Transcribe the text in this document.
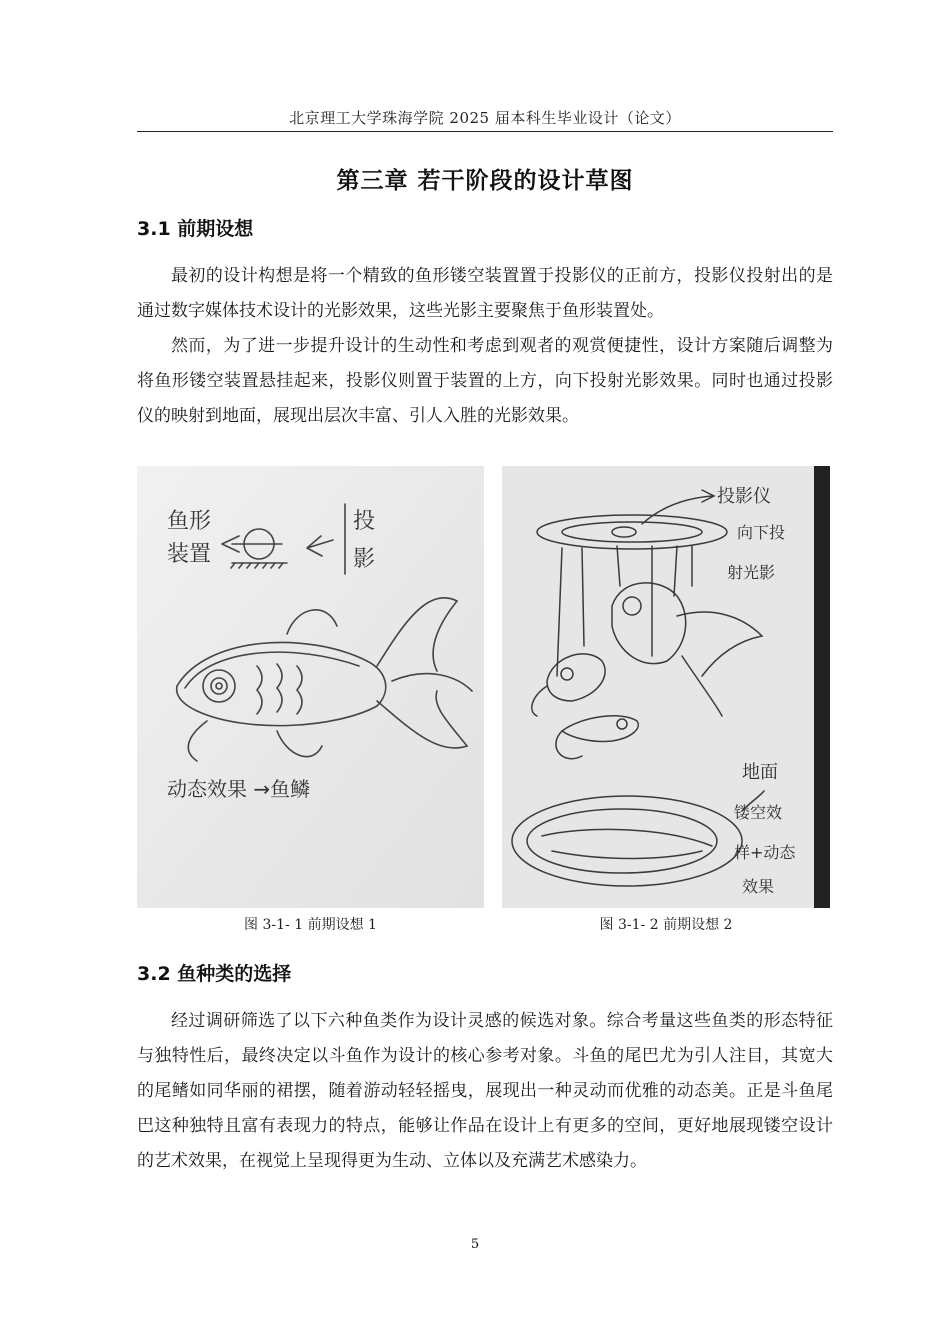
北京理工大学珠海学院 2025 届本科生毕业设计（论文）
第三章 若干阶段的设计草图
3.1 前期设想

最初的设计构想是将一个精致的鱼形镂空装置置于投影仪的正前方，投影仪投射出的是通过数字媒体技术设计的光影效果，这些光影主要聚焦于鱼形装置处。

然而，为了进一步提升设计的生动性和考虑到观者的观赏便捷性，设计方案随后调整为将鱼形镂空装置悬挂起来，投影仪则置于装置的上方，向下投射光影效果。同时也通过投影仪的映射到地面，展现出层次丰富、引人入胜的光影效果。

鱼形
装置
投
影
动态效果 →鱼鳞
投影仪
向下投
射光影
地面
镂空效
样+动态
效果
图 3-1- 1 前期设想 1	图 3-1- 2 前期设想 2
3.2 鱼种类的选择

经过调研筛选了以下六种鱼类作为设计灵感的候选对象。综合考量这些鱼类的形态特征与独特性后，最终决定以斗鱼作为设计的核心参考对象。斗鱼的尾巴尤为引人注目，其宽大的尾鳍如同华丽的裙摆，随着游动轻轻摇曳，展现出一种灵动而优雅的动态美。正是斗鱼尾巴这种独特且富有表现力的特点，能够让作品在设计上有更多的空间，更好地展现镂空设计的艺术效果，在视觉上呈现得更为生动、立体以及充满艺术感染力。

5
